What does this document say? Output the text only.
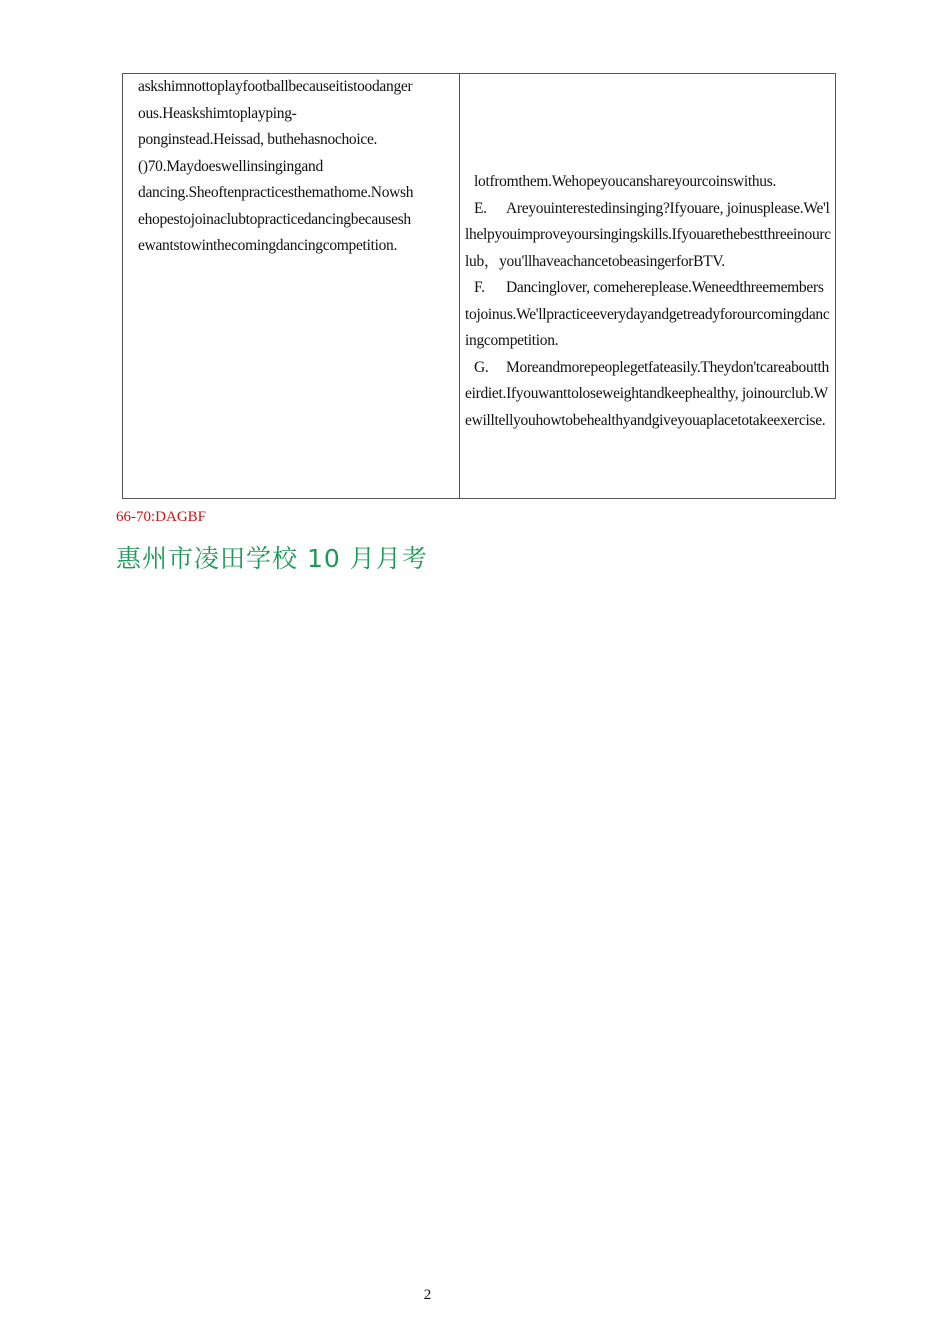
askshimnottoplayfootballbecauseitistoodanger
ous.Heaskshimtoplayping-
ponginstead.Heissad, buthehasnochoice.
()70.Maydoeswellinsingingand
dancing.Sheoftenpracticesthemathome.Nowsh
ehopestojoinaclubtopracticedancingbecausesh
ewantstowinthecomingdancingcompetition.

lotfromthem.Wehopeyoucanshareyourcoinswithus.
E. Areyouinterestedinsinging?Ifyouare, joinusplease.We'llhelpyouimproveyoursingingskills.Ifyouarethebestthreeinourclub，you'llhaveachancetobeasingerforBTV.
F. Dancinglover, comehereplease.Weneedthreemembers tojoinus.We'llpracticeeverydayandgetreadyforourcomingdancingcompetition.
G. Moreandmorepeoplegetfateasily.Theydon'tcareabouttheirdiet.Ifyouwanttoloseweightandkeephealthy, joinourclub.Wewilltellyouhowtobehealthyandgiveyouaplacetotakeexercise.
66-70:DAGBF
惠州市凌田学校 10 月月考
2
